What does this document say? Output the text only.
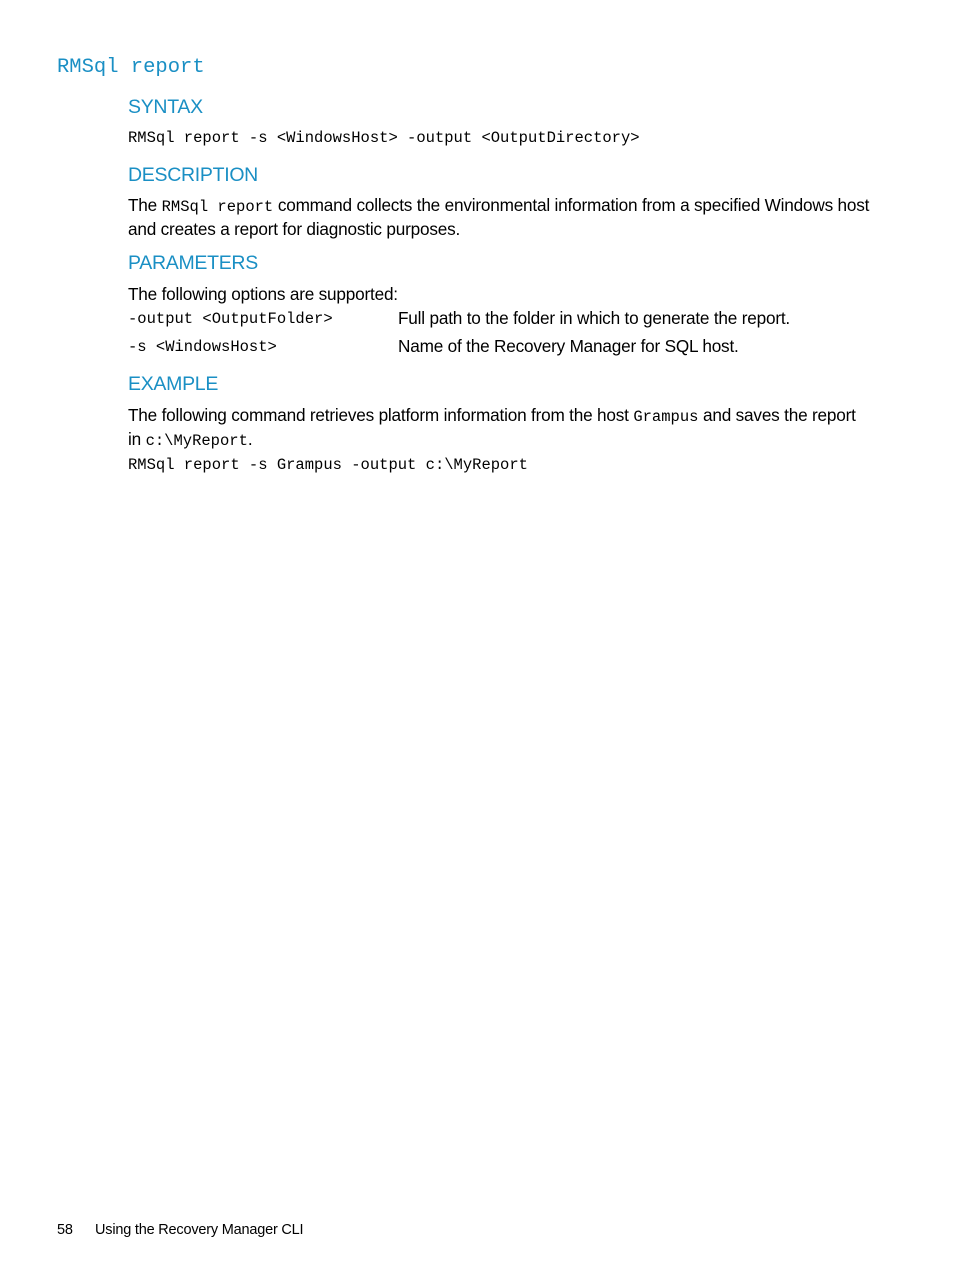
RMSql report
SYNTAX
RMSql report -s <WindowsHost> -output <OutputDirectory>
DESCRIPTION

The RMSql report command collects the environmental information from a specified Windows host and creates a report for diagnostic purposes.

PARAMETERS

The following options are supported:

-output <OutputFolder>	Full path to the folder in which to generate the report.
-s <WindowsHost>	Name of the Recovery Manager for SQL host.
EXAMPLE

The following command retrieves platform information from the host Grampus and saves the report in c:\MyReport.

RMSql report -s Grampus -output c:\MyReport
58 Using the Recovery Manager CLI
